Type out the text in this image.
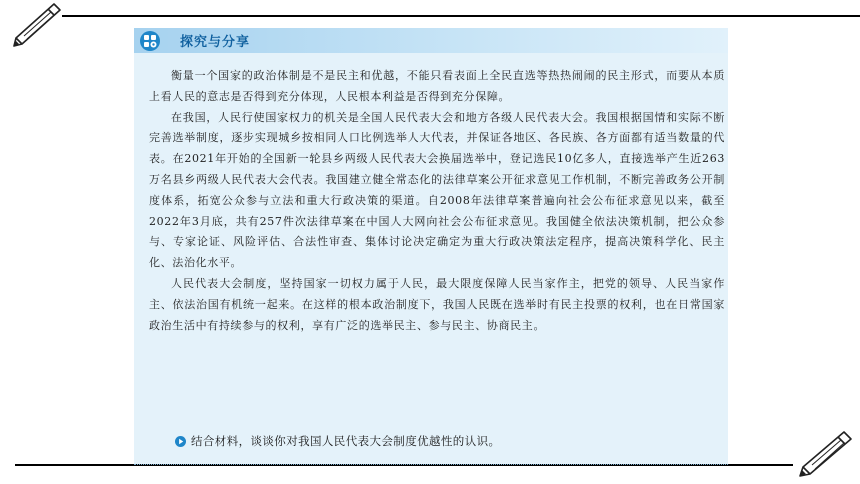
探究与分享

衡量一个国家的政治体制是不是民主和优越，不能只看表面上全民直选等热热闹闹的民主形式，而要从本质上看人民的意志是否得到充分体现，人民根本利益是否得到充分保障。

在我国，人民行使国家权力的机关是全国人民代表大会和地方各级人民代表大会。我国根据国情和实际不断完善选举制度，逐步实现城乡按相同人口比例选举人大代表，并保证各地区、各民族、各方面都有适当数量的代表。在2021年开始的全国新一轮县乡两级人民代表大会换届选举中，登记选民10亿多人，直接选举产生近263万名县乡两级人民代表大会代表。我国建立健全常态化的法律草案公开征求意见工作机制，不断完善政务公开制度体系，拓宽公众参与立法和重大行政决策的渠道。自2008年法律草案普遍向社会公布征求意见以来，截至2022年3月底，共有257件次法律草案在中国人大网向社会公布征求意见。我国健全依法决策机制，把公众参与、专家论证、风险评估、合法性审查、集体讨论决定确定为重大行政决策法定程序，提高决策科学化、民主化、法治化水平。

人民代表大会制度，坚持国家一切权力属于人民，最大限度保障人民当家作主，把党的领导、人民当家作主、依法治国有机统一起来。在这样的根本政治制度下，我国人民既在选举时有民主投票的权利，也在日常国家政治生活中有持续参与的权利，享有广泛的选举民主、参与民主、协商民主。

结合材料，谈谈你对我国人民代表大会制度优越性的认识。
